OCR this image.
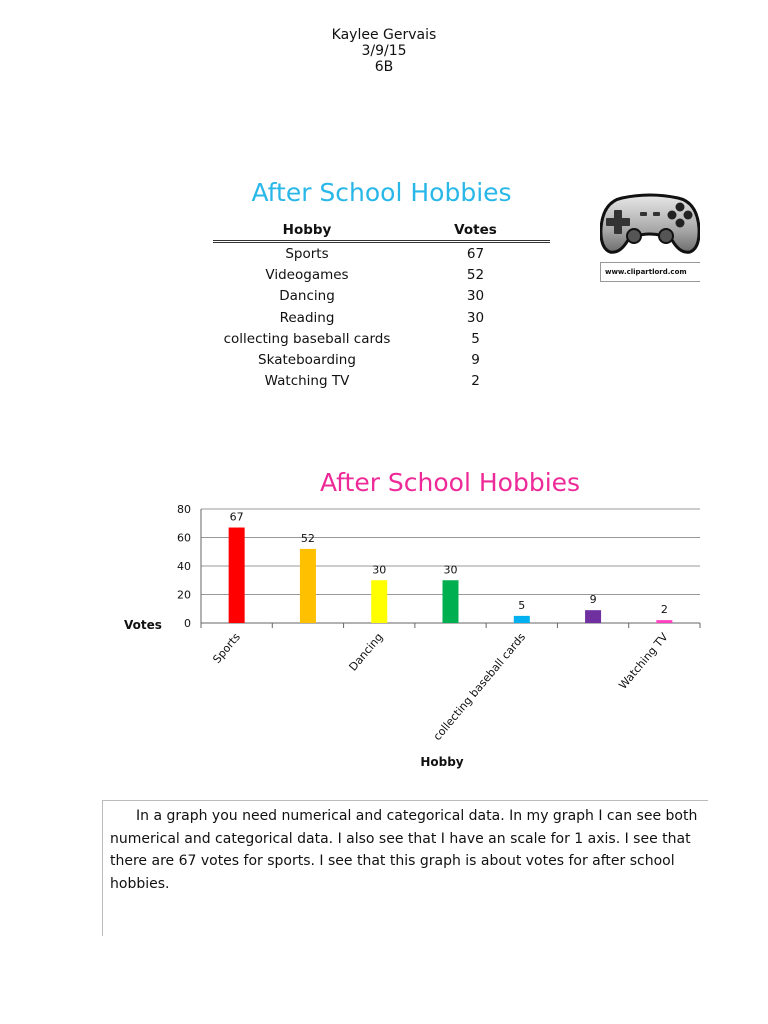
Kaylee Gervais
3/9/15
6B
After School Hobbies
Hobby	Votes
Sports	67
Videogames	52
Dancing	30
Reading	30
collecting baseball cards	5
Skateboarding	9
Watching TV	2
www.clipartlord.com
After School Hobbies
0
20
40
60
80
67
52
30	30
5	9
2
Sports	Dancing	collecting baseball cards	Watching TV
Votes
Hobby
In a graph you need numerical and categorical data. In my graph I can see both numerical and categorical data. I also see that I have an scale for 1 axis. I see that there are 67 votes for sports. I see that this graph is about votes for after school hobbies.
